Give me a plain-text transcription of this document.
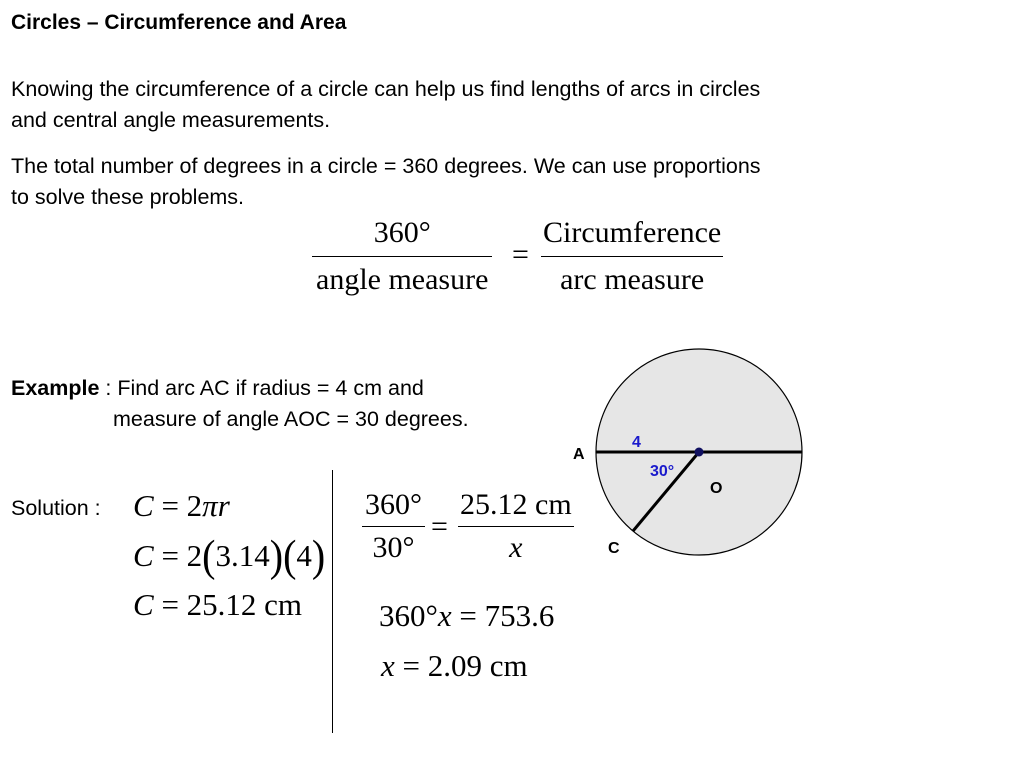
Circles – Circumference and Area
Knowing the circumference of a circle can help us find lengths of arcs in circles
and central angle measurements.
The total number of degrees in a circle = 360 degrees. We can use proportions
to solve these problems.
360°
angle measure
=
Circumference
arc measure
Example : Find arc AC if radius = 4 cm and
measure of angle AOC = 30 degrees.
Solution : C = 2πr
C = 2(3.14)(4)
C = 25.12 cm
360°
30°
=
25.12 cm
x
360°x = 753.6
x = 2.09 cm
A
O
C
4
30°
